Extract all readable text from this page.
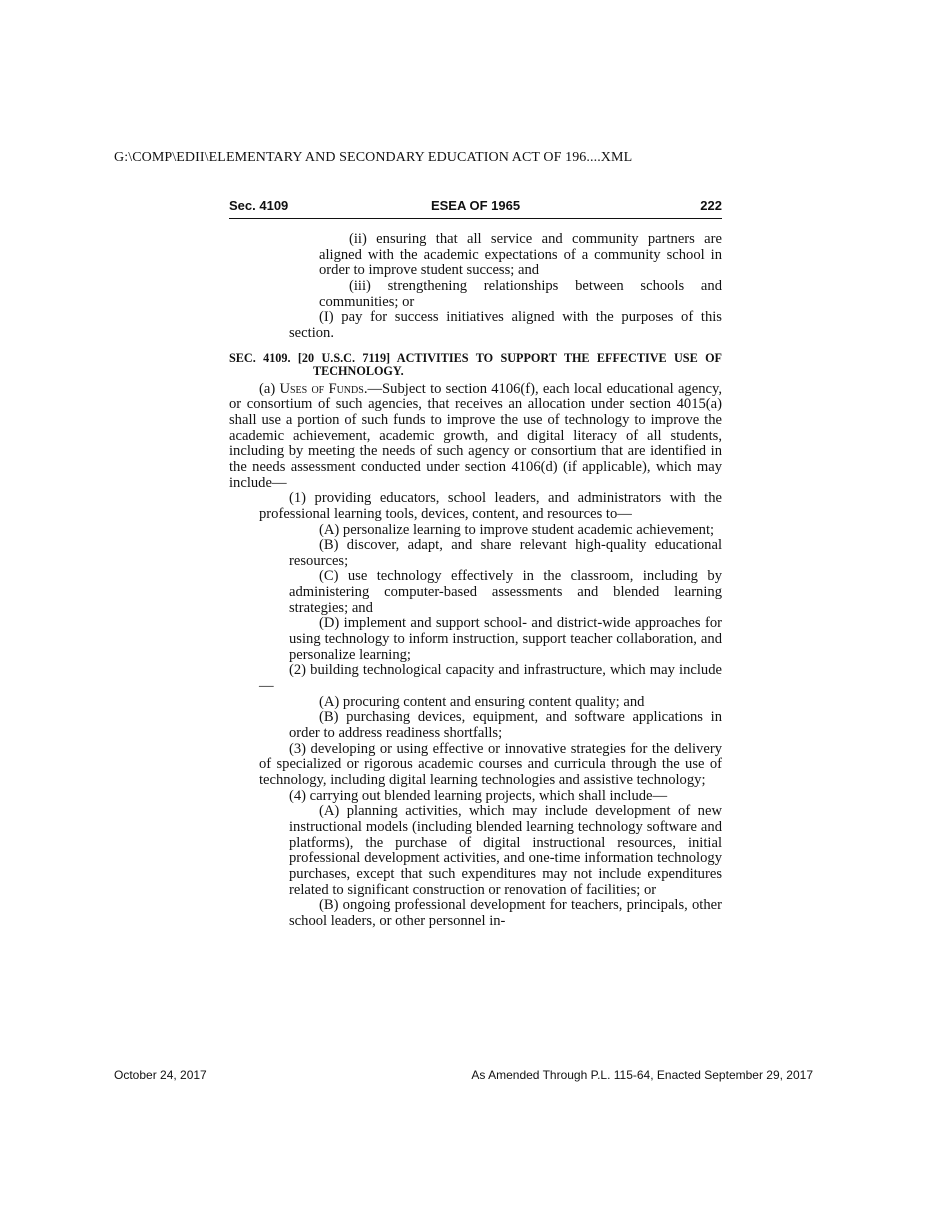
G:\COMP\EDII\ELEMENTARY AND SECONDARY EDUCATION ACT OF 196....XML
ESEA OF 1965
Sec. 4109	222

(ii) ensuring that all service and community partners are aligned with the academic expectations of a community school in order to improve student success; and

(iii) strengthening relationships between schools and communities; or

(I) pay for success initiatives aligned with the purposes of this section.

SEC. 4109. [20 U.S.C. 7119] ACTIVITIES TO SUPPORT THE EFFECTIVE USE OF TECHNOLOGY.

(a) Uses of Funds.—Subject to section 4106(f), each local educational agency, or consortium of such agencies, that receives an allocation under section 4015(a) shall use a portion of such funds to improve the use of technology to improve the academic achievement, academic growth, and digital literacy of all students, including by meeting the needs of such agency or consortium that are identified in the needs assessment conducted under section 4106(d) (if applicable), which may include—

(1) providing educators, school leaders, and administrators with the professional learning tools, devices, content, and resources to—

(A) personalize learning to improve student academic achievement;

(B) discover, adapt, and share relevant high-quality educational resources;

(C) use technology effectively in the classroom, including by administering computer-based assessments and blended learning strategies; and

(D) implement and support school- and district-wide approaches for using technology to inform instruction, support teacher collaboration, and personalize learning;

(2) building technological capacity and infrastructure, which may include—

(A) procuring content and ensuring content quality; and

(B) purchasing devices, equipment, and software applications in order to address readiness shortfalls;

(3) developing or using effective or innovative strategies for the delivery of specialized or rigorous academic courses and curricula through the use of technology, including digital learning technologies and assistive technology;

(4) carrying out blended learning projects, which shall include—

(A) planning activities, which may include development of new instructional models (including blended learning technology software and platforms), the purchase of digital instructional resources, initial professional development activities, and one-time information technology purchases, except that such expenditures may not include expenditures related to significant construction or renovation of facilities; or

(B) ongoing professional development for teachers, principals, other school leaders, or other personnel in-

October 24, 2017	As Amended Through P.L. 115-64, Enacted September 29, 2017
